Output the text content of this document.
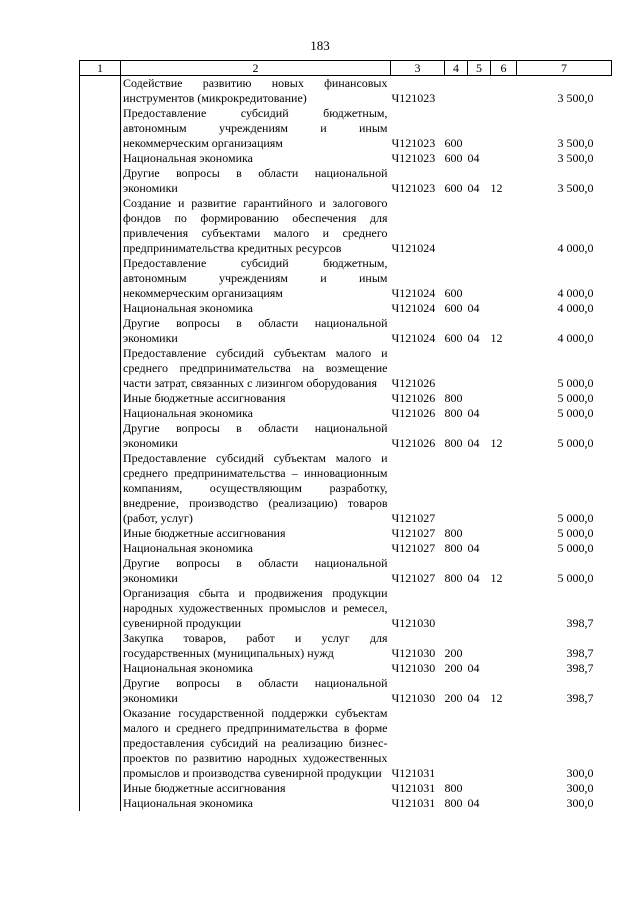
183
1	2	3	4	5	6	7
	Содействие развитию новых финансовых инструментов (микрокредитование)	Ч121023				3 500,0
	Предоставление субсидий бюджетным, автономным учреждениям и иным некоммерческим организациям	Ч121023	600			3 500,0
	Национальная экономика	Ч121023	600	04		3 500,0
	Другие вопросы в области национальной экономики	Ч121023	600	04	12	3 500,0
	Создание и развитие гарантийного и залогового фондов по формированию обеспечения для привлечения субъектами малого и среднего предпринимательства кредитных ресурсов	Ч121024				4 000,0
	Предоставление субсидий бюджетным, автономным учреждениям и иным некоммерческим организациям	Ч121024	600			4 000,0
	Национальная экономика	Ч121024	600	04		4 000,0
	Другие вопросы в области национальной экономики	Ч121024	600	04	12	4 000,0
	Предоставление субсидий субъектам малого и среднего предпринимательства на возмещение части затрат, связанных с лизингом оборудования	Ч121026				5 000,0
	Иные бюджетные ассигнования	Ч121026	800			5 000,0
	Национальная экономика	Ч121026	800	04		5 000,0
	Другие вопросы в области национальной экономики	Ч121026	800	04	12	5 000,0
	Предоставление субсидий субъектам малого и среднего предпринимательства – инновационным компаниям, осуществляющим разработку, внедрение, производство (реализацию) товаров (работ, услуг)	Ч121027				5 000,0
	Иные бюджетные ассигнования	Ч121027	800			5 000,0
	Национальная экономика	Ч121027	800	04		5 000,0
	Другие вопросы в области национальной экономики	Ч121027	800	04	12	5 000,0
	Организация сбыта и продвижения продукции народных художественных промыслов и ремесел, сувенирной продукции	Ч121030				398,7
	Закупка товаров, работ и услуг для государственных (муниципальных) нужд	Ч121030	200			398,7
	Национальная экономика	Ч121030	200	04		398,7
	Другие вопросы в области национальной экономики	Ч121030	200	04	12	398,7
	Оказание государственной поддержки субъектам малого и среднего предпринимательства в форме предоставления субсидий на реализацию бизнес-проектов по развитию народных художественных промыслов и производства сувенирной продукции	Ч121031				300,0
	Иные бюджетные ассигнования	Ч121031	800			300,0
	Национальная экономика	Ч121031	800	04		300,0
